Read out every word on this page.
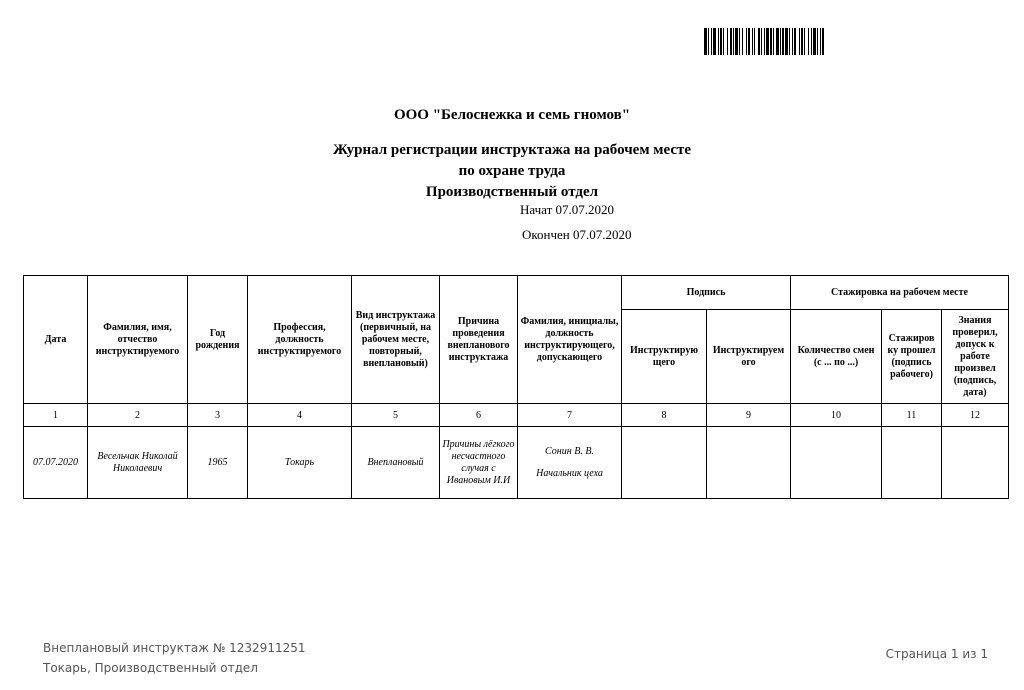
ООО "Белоснежка и семь гномов"
Журнал регистрации инструктажа на рабочем месте
по охране труда
Производственный отдел
Начат 07.07.2020
Окончен 07.07.2020
Дата	Фамилия, имя, отчество инструктируемого	Год рождения	Профессия, должность инструктируемого	Вид инструктажа (первичный, на рабочем месте, повторный, внеплановый)	Причина проведения внепланового инструктажа	Фамилия, инициалы, должность инструктирующего, допускающего	Подпись		Стажировка на рабочем месте		
							Инструктирую щего	Инструктируем ого	Количество смен (с ... по ...)	Стажиров ку прошел (подпись рабочего)	Знания проверил, допуск к работе произвел (подпись, дата)
1	2	3	4	5	6	7	8	9	10	11	12
07.07.2020	Весельчак Николай Николаевич	1965	Токарь	Внеплановый	Причины лёгкого несчастного случая с Ивановым И.И	Сонин В. В.
Начальник цеха					

Внеплановый инструктаж № 1232911251
Токарь, Производственный отдел
Страница 1 из 1
